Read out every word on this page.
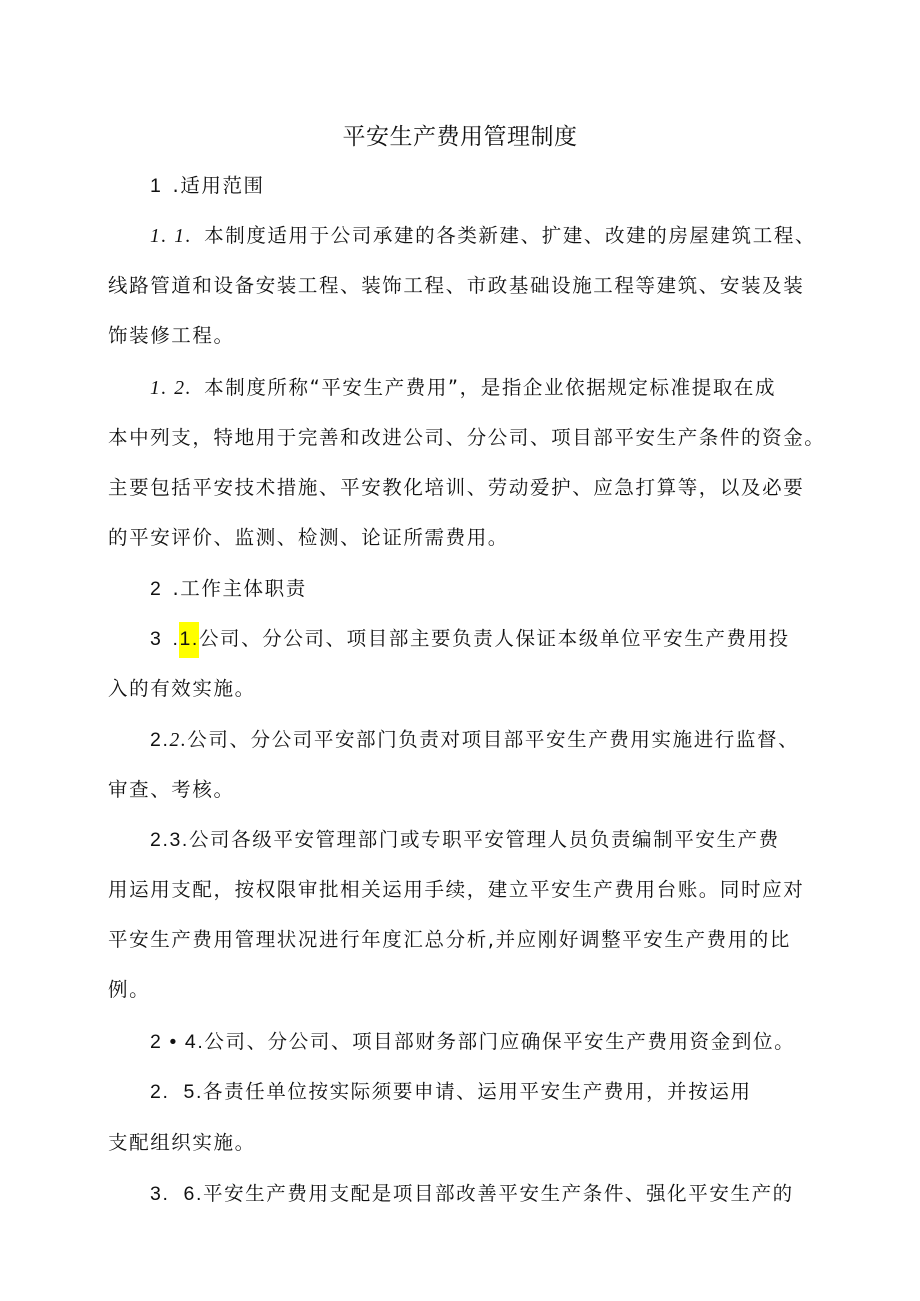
平安生产费用管理制度
1 .适用范围
1. 1. 本制度适用于公司承建的各类新建、扩建、改建的房屋建筑工程、
线路管道和设备安装工程、装饰工程、市政基础设施工程等建筑、安装及装
饰装修工程。
1. 2. 本制度所称“平安生产费用”，是指企业依据规定标准提取在成
本中列支，特地用于完善和改进公司、分公司、项目部平安生产条件的资金。
主要包括平安技术措施、平安教化培训、劳动爱护、应急打算等，以及必要
的平安评价、监测、检测、论证所需费用。
2 .工作主体职责
3 .1.公司、分公司、项目部主要负责人保证本级单位平安生产费用投
入的有效实施。
2.2.公司、分公司平安部门负责对项目部平安生产费用实施进行监督、
审查、考核。
2.3.公司各级平安管理部门或专职平安管理人员负责编制平安生产费
用运用支配，按权限审批相关运用手续，建立平安生产费用台账。同时应对
平安生产费用管理状况进行年度汇总分析,并应刚好调整平安生产费用的比
例。
2 • 4.公司、分公司、项目部财务部门应确保平安生产费用资金到位。
2.  5.各责任单位按实际须要申请、运用平安生产费用，并按运用
支配组织实施。
3.  6.平安生产费用支配是项目部改善平安生产条件、强化平安生产的
